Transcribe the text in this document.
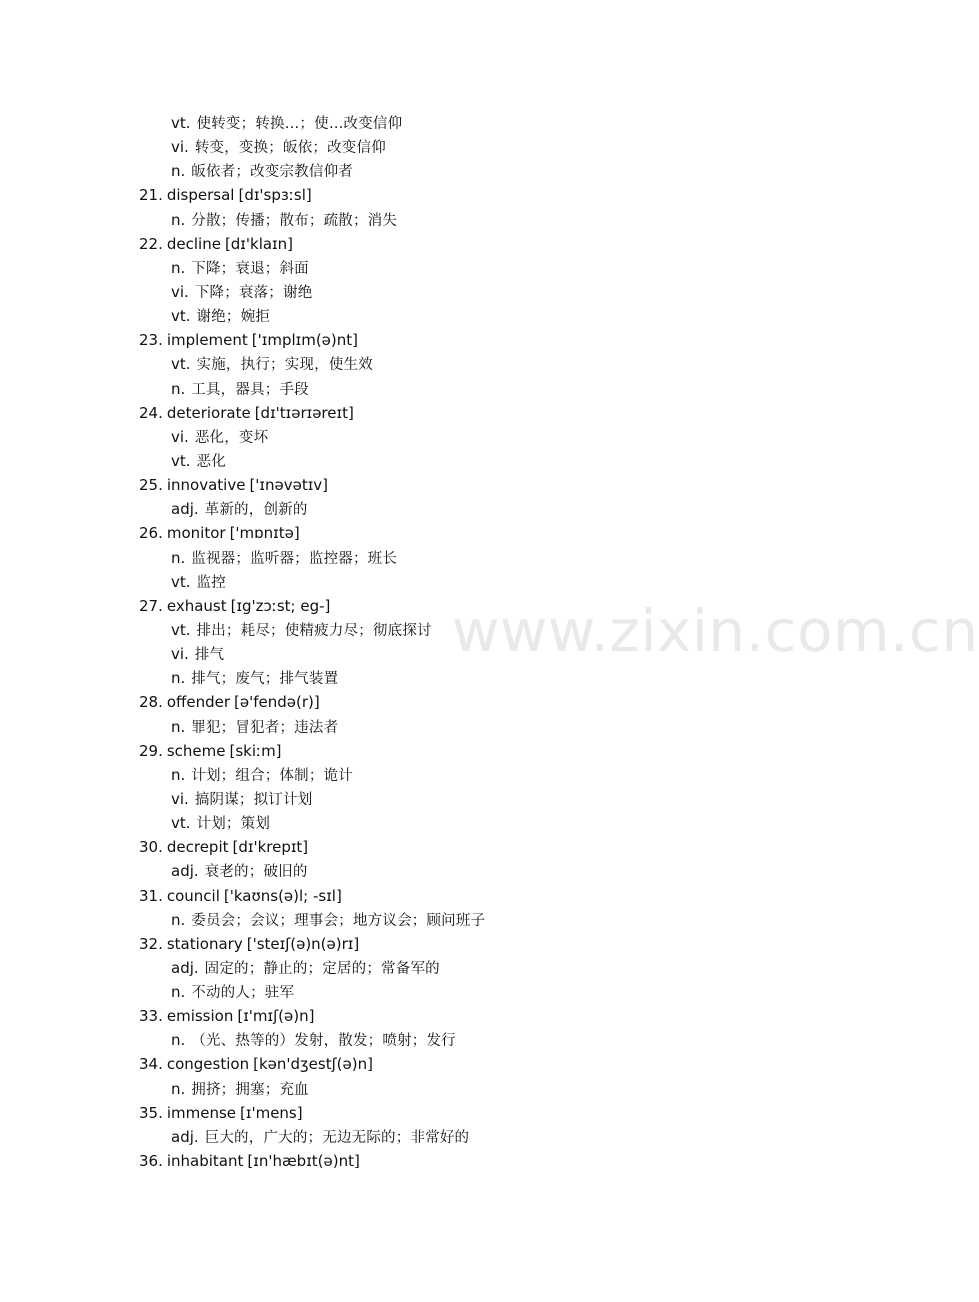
www.zixin.com.cn
vt. 使转变；转换…；使…改变信仰
vi. 转变，变换；皈依；改变信仰
n. 皈依者；改变宗教信仰者
21. dispersal [dɪ'spɜːsl]
n. 分散；传播；散布；疏散；消失
22. decline [dɪ'klaɪn]
n. 下降；衰退；斜面
vi. 下降；衰落；谢绝
vt. 谢绝；婉拒
23. implement ['ɪmplɪm(ə)nt]
vt. 实施，执行；实现，使生效
n. 工具，器具；手段
24. deteriorate [dɪ'tɪərɪəreɪt]
vi. 恶化，变坏
vt. 恶化
25. innovative ['ɪnəvətɪv]
adj. 革新的，创新的
26. monitor ['mɒnɪtə]
n. 监视器；监听器；监控器；班长
vt. 监控
27. exhaust [ɪg'zɔːst; eg-]
vt. 排出；耗尽；使精疲力尽；彻底探讨
vi. 排气
n. 排气；废气；排气装置
28. offender [ə'fendə(r)]
n. 罪犯；冒犯者；违法者
29. scheme [skiːm]
n. 计划；组合；体制；诡计
vi. 搞阴谋；拟订计划
vt. 计划；策划
30. decrepit [dɪ'krepɪt]
adj. 衰老的；破旧的
31. council ['kaʊns(ə)l; -sɪl]
n. 委员会；会议；理事会；地方议会；顾问班子
32. stationary ['steɪʃ(ə)n(ə)rɪ]
adj. 固定的；静止的；定居的；常备军的
n. 不动的人；驻军
33. emission [ɪ'mɪʃ(ə)n]
n. （光、热等的）发射，散发；喷射；发行
34. congestion [kən'dʒestʃ(ə)n]
n. 拥挤；拥塞；充血
35. immense [ɪ'mens]
adj. 巨大的，广大的；无边无际的；非常好的
36. inhabitant [ɪn'hæbɪt(ə)nt]
